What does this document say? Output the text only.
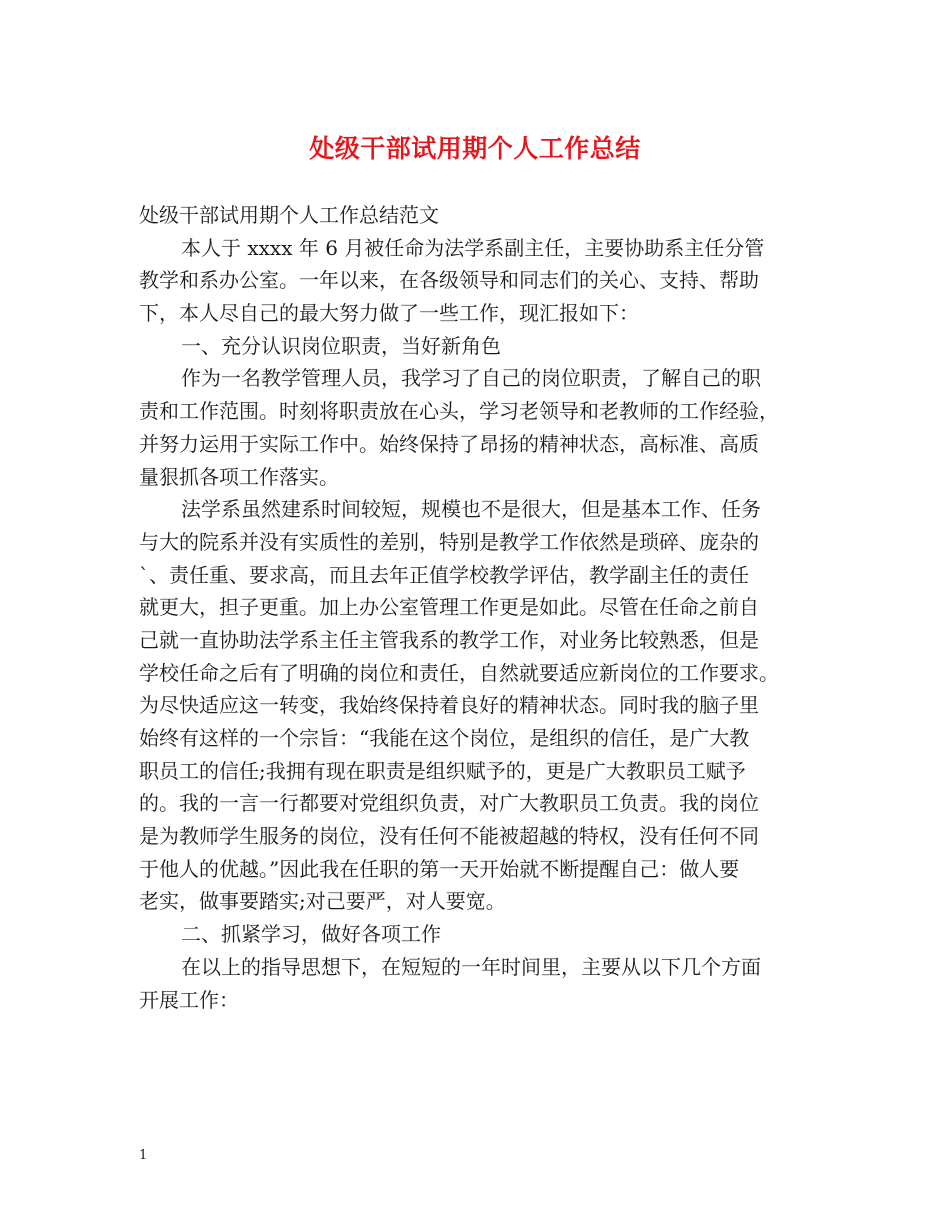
处级干部试用期个人工作总结

处级干部试用期个人工作总结范文

本人于 xxxx 年 6 月被任命为法学系副主任，主要协助系主任分管

教学和系办公室。一年以来，在各级领导和同志们的关心、支持、帮助

下，本人尽自己的最大努力做了一些工作，现汇报如下：

一、充分认识岗位职责，当好新角色

作为一名教学管理人员，我学习了自己的岗位职责，了解自己的职

责和工作范围。时刻将职责放在心头，学习老领导和老教师的工作经验，

并努力运用于实际工作中。始终保持了昂扬的精神状态，高标准、高质

量狠抓各项工作落实。

法学系虽然建系时间较短，规模也不是很大，但是基本工作、任务

与大的院系并没有实质性的差别，特别是教学工作依然是琐碎、庞杂的

`、责任重、要求高，而且去年正值学校教学评估，教学副主任的责任

就更大，担子更重。加上办公室管理工作更是如此。尽管在任命之前自

己就一直协助法学系主任主管我系的教学工作，对业务比较熟悉，但是

学校任命之后有了明确的岗位和责任，自然就要适应新岗位的工作要求。

为尽快适应这一转变，我始终保持着良好的精神状态。同时我的脑子里

始终有这样的一个宗旨：“我能在这个岗位，是组织的信任，是广大教

职员工的信任;我拥有现在职责是组织赋予的，更是广大教职员工赋予

的。我的一言一行都要对党组织负责，对广大教职员工负责。我的岗位

是为教师学生服务的岗位，没有任何不能被超越的特权，没有任何不同

于他人的优越。”因此我在任职的第一天开始就不断提醒自己：做人要

老实，做事要踏实;对己要严，对人要宽。

二、抓紧学习，做好各项工作

在以上的指导思想下，在短短的一年时间里，主要从以下几个方面

开展工作：

1
